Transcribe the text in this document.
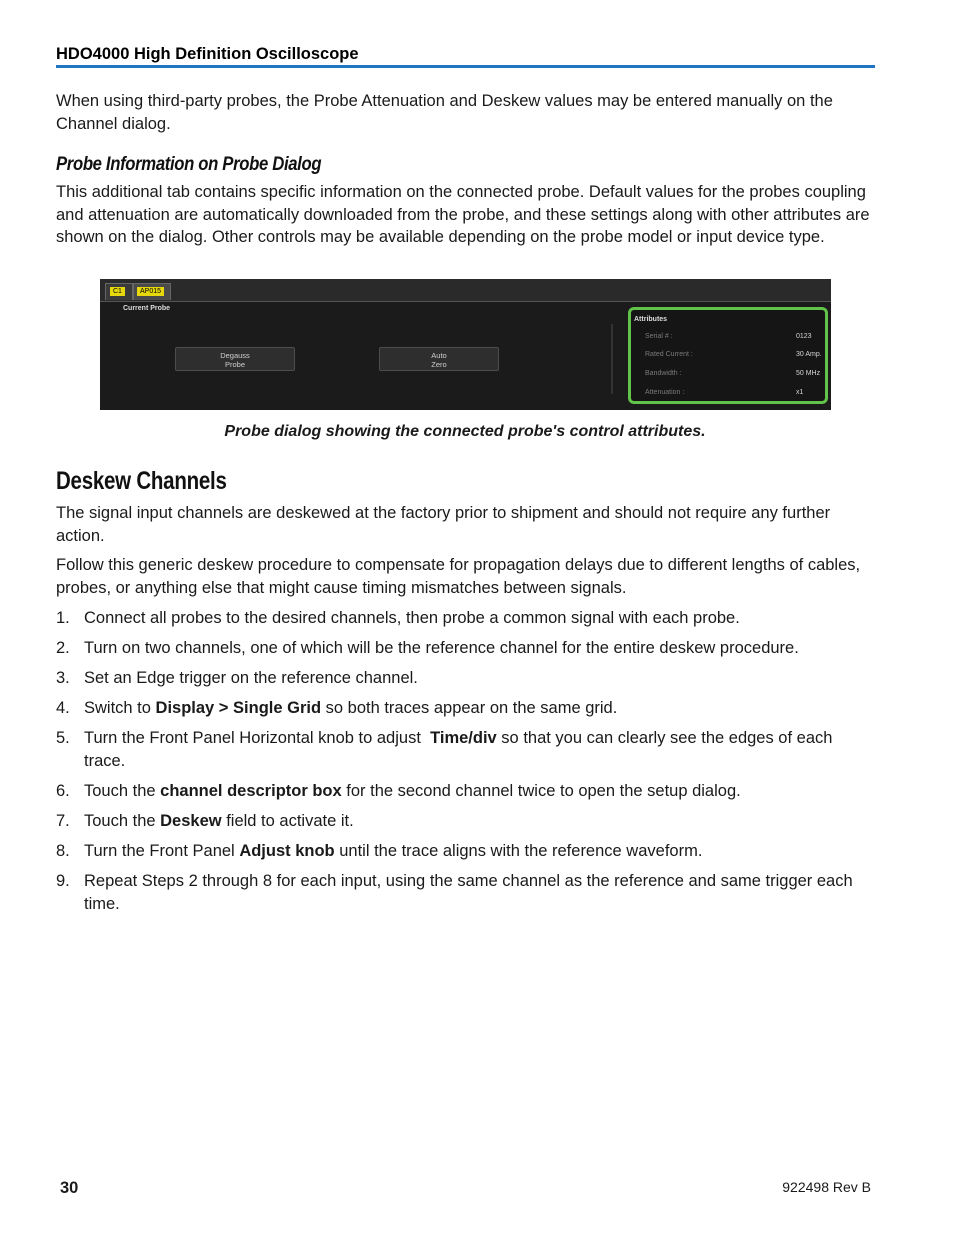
HDO4000 High Definition Oscilloscope
When using third-party probes, the Probe Attenuation and Deskew values may be entered manually on the Channel dialog.
Probe Information on Probe Dialog
This additional tab contains specific information on the connected probe. Default values for the probes coupling and attenuation are automatically downloaded from the probe, and these settings along with other attributes are shown on the dialog. Other controls may be available depending on the probe model or input device type.
C1	AP015
Current Probe
Degauss
Probe
Auto
Zero
Attributes
Serial # :	0123
Rated Current :	30 Amp.
Bandwidth :	50 MHz
Attenuation :	x1
Probe dialog showing the connected probe's control attributes.
Deskew Channels
The signal input channels are deskewed at the factory prior to shipment and should not require any further action.
Follow this generic deskew procedure to compensate for propagation delays due to different lengths of cables, probes, or anything else that might cause timing mismatches between signals.
1. Connect all probes to the desired channels, then probe a common signal with each probe.
2. Turn on two channels, one of which will be the reference channel for the entire deskew procedure.
3. Set an Edge trigger on the reference channel.
4. Switch to Display > Single Grid so both traces appear on the same grid.
5. Turn the Front Panel Horizontal knob to adjust  Time/div so that you can clearly see the edges of each trace.
6. Touch the channel descriptor box for the second channel twice to open the setup dialog.
7. Touch the Deskew field to activate it.
8. Turn the Front Panel Adjust knob until the trace aligns with the reference waveform.
9. Repeat Steps 2 through 8 for each input, using the same channel as the reference and same trigger each time.
30	922498 Rev B
